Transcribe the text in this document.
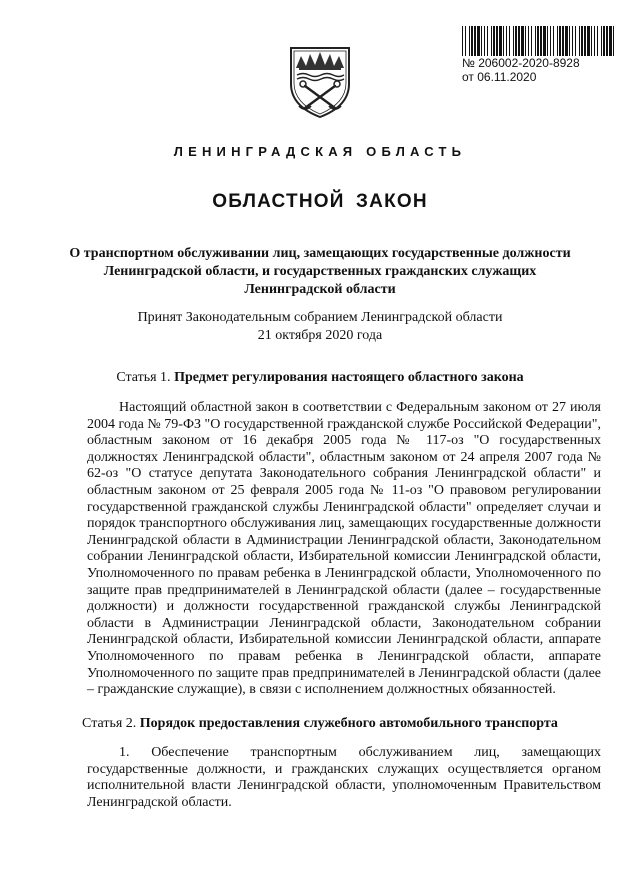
№ 206002-2020-8928
от 06.11.2020
ЛЕНИНГРАДСКАЯ ОБЛАСТЬ
ОБЛАСТНОЙ ЗАКОН
О транспортном обслуживании лиц, замещающих государственные должности Ленинградской области, и государственных гражданских служащих Ленинградской области
Принят Законодательным собранием Ленинградской области
21 октября 2020 года
Статья 1. Предмет регулирования настоящего областного закона

Настоящий областной закон в соответствии с Федеральным законом от 27 июля 2004 года № 79-ФЗ "О государственной гражданской службе Российской Федерации", областным законом от 16 декабря 2005 года № 117-оз "О государственных должностях Ленинградской области", областным законом от 24 апреля 2007 года № 62-оз "О статусе депутата Законодательного собрания Ленинградской области" и областным законом от 25 февраля 2005 года № 11-оз "О правовом регулировании государственной гражданской службы Ленинградской области" определяет случаи и порядок транспортного обслуживания лиц, замещающих государственные должности Ленинградской области в Администрации Ленинградской области, Законодательном собрании Ленинградской области, Избирательной комиссии Ленинградской области, Уполномоченного по правам ребенка в Ленинградской области, Уполномоченного по защите прав предпринимателей в Ленинградской области (далее – государственные должности) и должности государственной гражданской службы Ленинградской области в Администрации Ленинградской области, Законодательном собрании Ленинградской области, Избирательной комиссии Ленинградской области, аппарате Уполномоченного по правам ребенка в Ленинградской области, аппарате Уполномоченного по защите прав предпринимателей в Ленинградской области (далее – гражданские служащие), в связи с исполнением должностных обязанностей.

Статья 2. Порядок предоставления служебного автомобильного транспорта

1. Обеспечение транспортным обслуживанием лиц, замещающих государственные должности, и гражданских служащих осуществляется органом исполнительной власти Ленинградской области, уполномоченным Правительством Ленинградской области.
